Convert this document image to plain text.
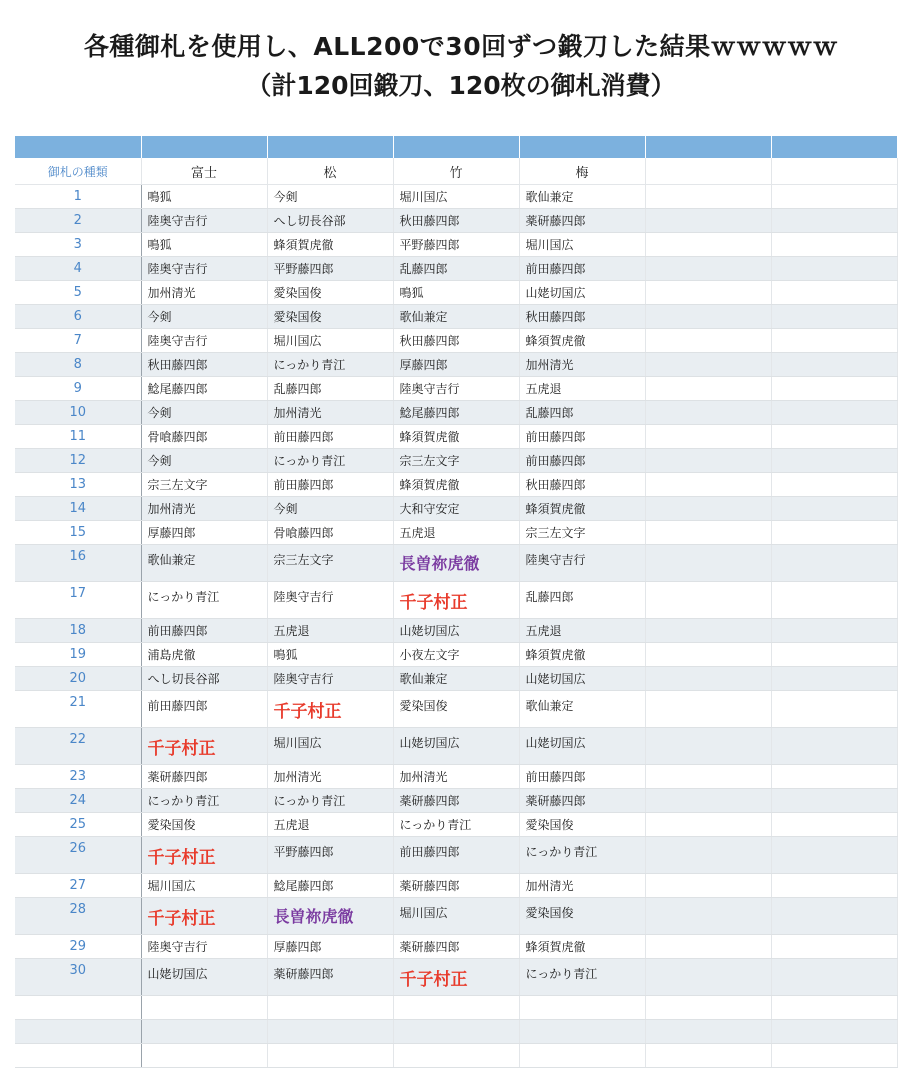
各種御札を使用し、ALL200で30回ずつ鍛刀した結果ｗｗｗｗｗ
（計120回鍛刀、120枚の御札消費）

御札の種類	富士	松	竹	梅		
1	鳴狐	今剣	堀川国広	歌仙兼定		
2	陸奥守吉行	へし切長谷部	秋田藤四郎	薬研藤四郎		
3	鳴狐	蜂須賀虎徹	平野藤四郎	堀川国広		
4	陸奥守吉行	平野藤四郎	乱藤四郎	前田藤四郎		
5	加州清光	愛染国俊	鳴狐	山姥切国広		
6	今剣	愛染国俊	歌仙兼定	秋田藤四郎		
7	陸奥守吉行	堀川国広	秋田藤四郎	蜂須賀虎徹		
8	秋田藤四郎	にっかり青江	厚藤四郎	加州清光		
9	鯰尾藤四郎	乱藤四郎	陸奥守吉行	五虎退		
10	今剣	加州清光	鯰尾藤四郎	乱藤四郎		
11	骨喰藤四郎	前田藤四郎	蜂須賀虎徹	前田藤四郎		
12	今剣	にっかり青江	宗三左文字	前田藤四郎		
13	宗三左文字	前田藤四郎	蜂須賀虎徹	秋田藤四郎		
14	加州清光	今剣	大和守安定	蜂須賀虎徹		
15	厚藤四郎	骨喰藤四郎	五虎退	宗三左文字		
16	歌仙兼定	宗三左文字	長曽祢虎徹	陸奥守吉行		
17	にっかり青江	陸奥守吉行	千子村正	乱藤四郎		
18	前田藤四郎	五虎退	山姥切国広	五虎退		
19	浦島虎徹	鳴狐	小夜左文字	蜂須賀虎徹		
20	へし切長谷部	陸奥守吉行	歌仙兼定	山姥切国広		
21	前田藤四郎	千子村正	愛染国俊	歌仙兼定		
22	千子村正	堀川国広	山姥切国広	山姥切国広		
23	薬研藤四郎	加州清光	加州清光	前田藤四郎		
24	にっかり青江	にっかり青江	薬研藤四郎	薬研藤四郎		
25	愛染国俊	五虎退	にっかり青江	愛染国俊		
26	千子村正	平野藤四郎	前田藤四郎	にっかり青江		
27	堀川国広	鯰尾藤四郎	薬研藤四郎	加州清光		
28	千子村正	長曽祢虎徹	堀川国広	愛染国俊		
29	陸奥守吉行	厚藤四郎	薬研藤四郎	蜂須賀虎徹		
30	山姥切国広	薬研藤四郎	千子村正	にっかり青江		
